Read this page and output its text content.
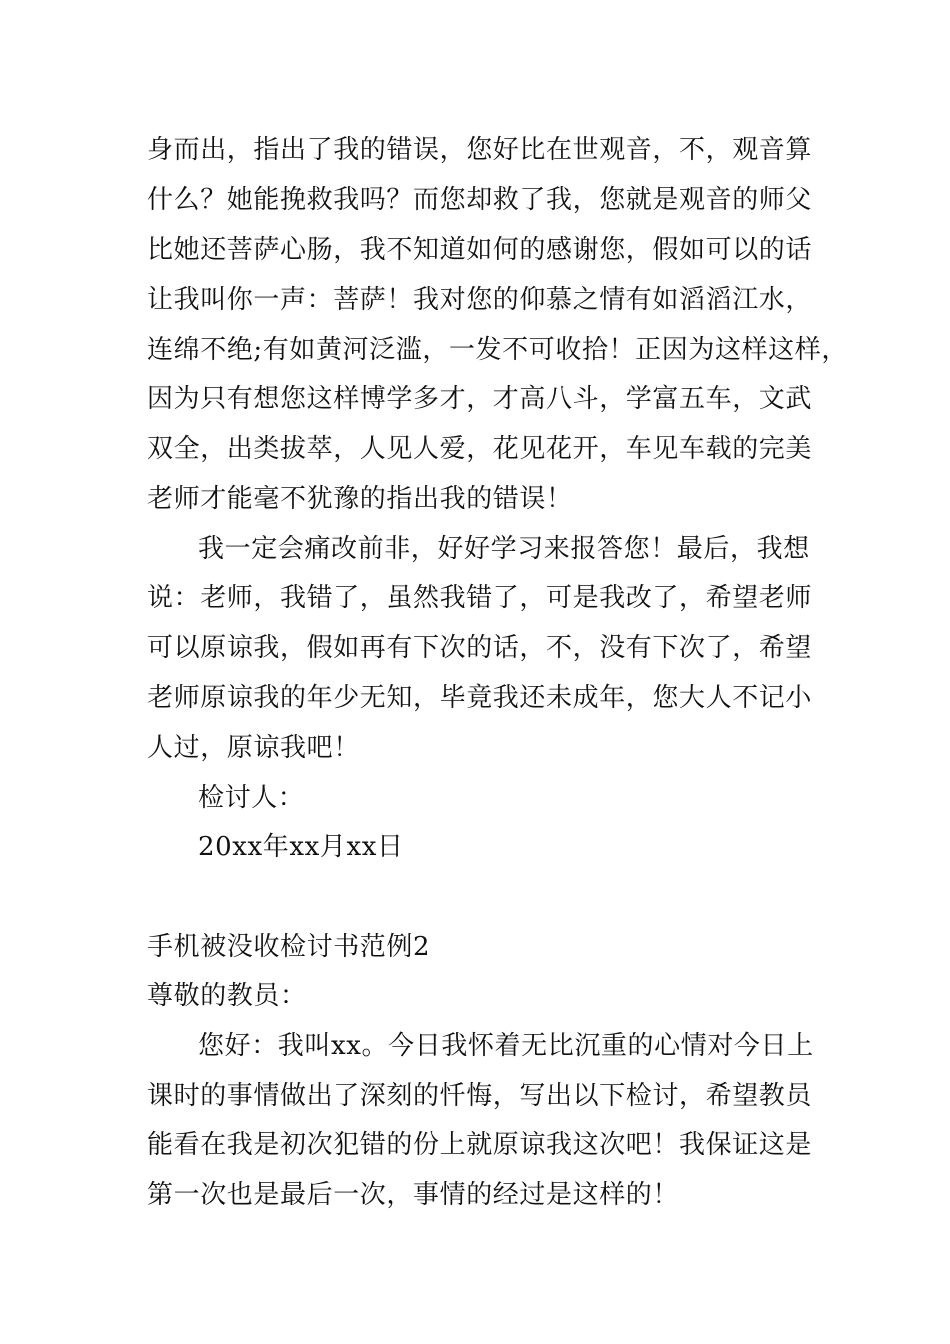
身而出，指出了我的错误，您好比在世观音，不，观音算
什么？她能挽救我吗？而您却救了我，您就是观音的师父
比她还菩萨心肠，我不知道如何的感谢您，假如可以的话
让我叫你一声：菩萨！我对您的仰慕之情有如滔滔江水，
连绵不绝;有如黄河泛滥，一发不可收拾！正因为这样这样，
因为只有想您这样博学多才，才高八斗，学富五车，文武
双全，出类拔萃，人见人爱，花见花开，车见车载的完美
老师才能毫不犹豫的指出我的错误！
我一定会痛改前非，好好学习来报答您！最后，我想
说：老师，我错了，虽然我错了，可是我改了，希望老师
可以原谅我，假如再有下次的话，不，没有下次了，希望
老师原谅我的年少无知，毕竟我还未成年，您大人不记小
人过，原谅我吧！
检讨人：
20xx年xx月xx日
手机被没收检讨书范例2
尊敬的教员：
您好：我叫xx。今日我怀着无比沉重的心情对今日上
课时的事情做出了深刻的忏悔，写出以下检讨，希望教员
能看在我是初次犯错的份上就原谅我这次吧！我保证这是
第一次也是最后一次，事情的经过是这样的！
